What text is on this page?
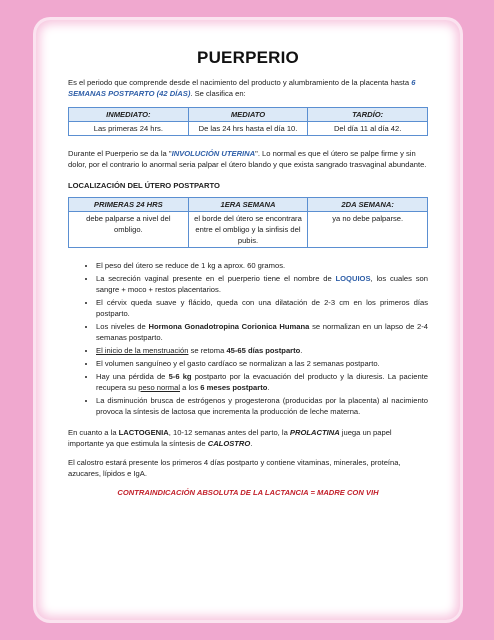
PUERPERIO

Es el periodo que comprende desde el nacimiento del producto y alumbramiento de la placenta hasta 6 SEMANAS POSTPARTO (42 DÍAS). Se clasifica en:

INMEDIATO:	MEDIATO	TARDÍO:
Las primeras 24 hrs.	De las 24 hrs hasta el día 10.	Del día 11 al día 42.

Durante el Puerperio se da la "INVOLUCIÓN UTERINA". Lo normal es que el útero se palpe firme y sin dolor, por el contrario lo anormal seria palpar el útero blando y que exista sangrado trasvaginal abundante.

LOCALIZACIÓN DEL ÚTERO POSTPARTO
PRIMERAS 24 HRS	1ERA SEMANA	2DA SEMANA:
debe palparse a nivel del ombligo.	el borde del útero se encontrara entre el ombligo y la sinfisis del pubis.	ya no debe palparse.
• El peso del útero se reduce de 1 kg a aprox. 60 gramos.
• La secreción vaginal presente en el puerperio tiene el nombre de LOQUIOS, los cuales son sangre + moco + restos placentarios.
• El cérvix queda suave y flácido, queda con una dilatación de 2-3 cm en los primeros días postparto.
• Los niveles de Hormona Gonadotropina Corionica Humana se normalizan en un lapso de 2-4 semanas postparto.
• El inicio de la menstruación se retoma 45-65 días postparto.
• El volumen sanguíneo y el gasto cardíaco se normalizan a las 2 semanas postparto.
• Hay una pérdida de 5-6 kg postparto por la evacuación del producto y la diuresis. La paciente recupera su peso normal a los 6 meses postparto.
• La disminución brusca de estrógenos y progesterona (producidas por la placenta) al nacimiento provoca la síntesis de lactosa que incrementa la producción de leche materna.

En cuanto a la LACTOGENIA, 10-12 semanas antes del parto, la PROLACTINA juega un papel importante ya que estimula la síntesis de CALOSTRO.

El calostro estará presente los primeros 4 días postparto y contiene vitaminas, minerales, proteína, azucares, lípidos e IgA.

CONTRAINDICACIÓN ABSOLUTA DE LA LACTANCIA = MADRE CON VIH
